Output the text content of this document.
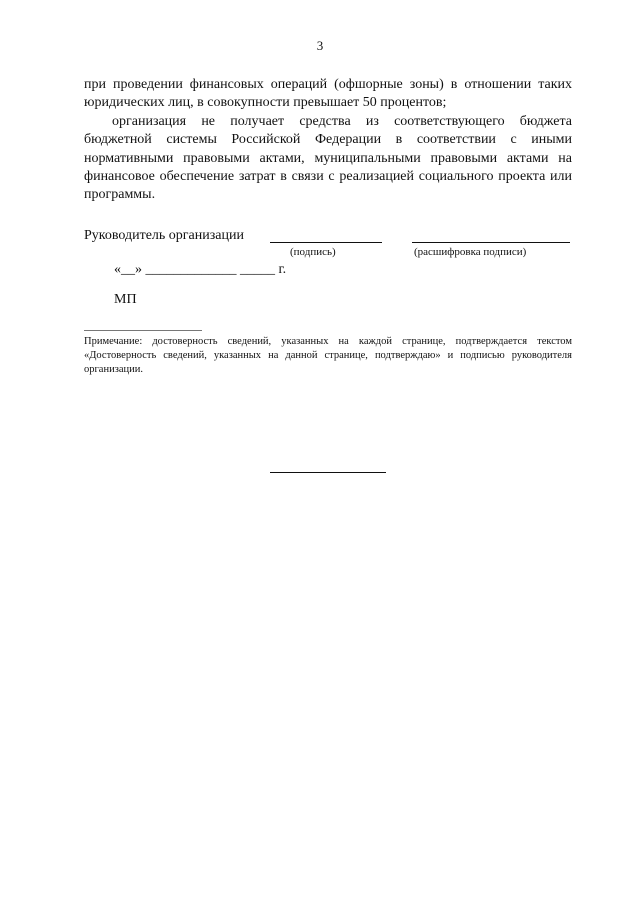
3

при проведении финансовых операций (офшорные зоны) в отношении таких юридических лиц, в совокупности превышает 50 процентов;

организация не получает средства из соответствующего бюджета бюджетной системы Российской Федерации в соответствии с иными нормативными правовыми актами, муниципальными правовыми актами на финансовое обеспечение затрат в связи с реализацией социального проекта или программы.

Руководитель организации
(подпись)	(расшифровка подписи)
«__» _____________ _____ г.
МП
Примечание: достоверность сведений, указанных на каждой странице, подтверждается текстом «Достоверность сведений, указанных на данной странице, подтверждаю» и подписью руководителя организации.
